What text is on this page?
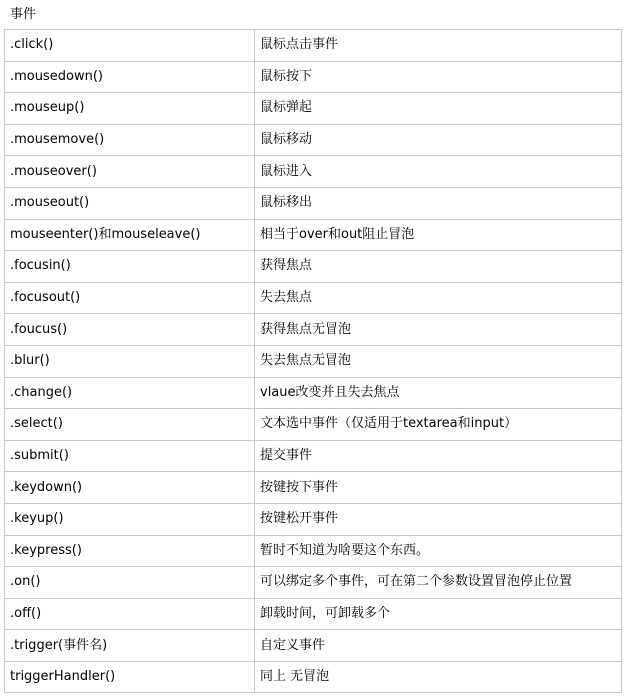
事件
.click()	鼠标点击事件
.mousedown()	鼠标按下
.mouseup()	鼠标弹起
.mousemove()	鼠标移动
.mouseover()	鼠标进入
.mouseout()	鼠标移出
mouseenter()和mouseleave()	相当于over和out阻止冒泡
.focusin()	获得焦点
.focusout()	失去焦点
.foucus()	获得焦点无冒泡
.blur()	失去焦点无冒泡
.change()	vlaue改变并且失去焦点
.select()	文本选中事件（仅适用于textarea和input）
.submit()	提交事件
.keydown()	按键按下事件
.keyup()	按键松开事件
.keypress()	暂时不知道为啥要这个东西。
.on()	可以绑定多个事件，可在第二个参数设置冒泡停止位置
.off()	卸载时间，可卸载多个
.trigger(事件名)	自定义事件
triggerHandler()	同上 无冒泡
